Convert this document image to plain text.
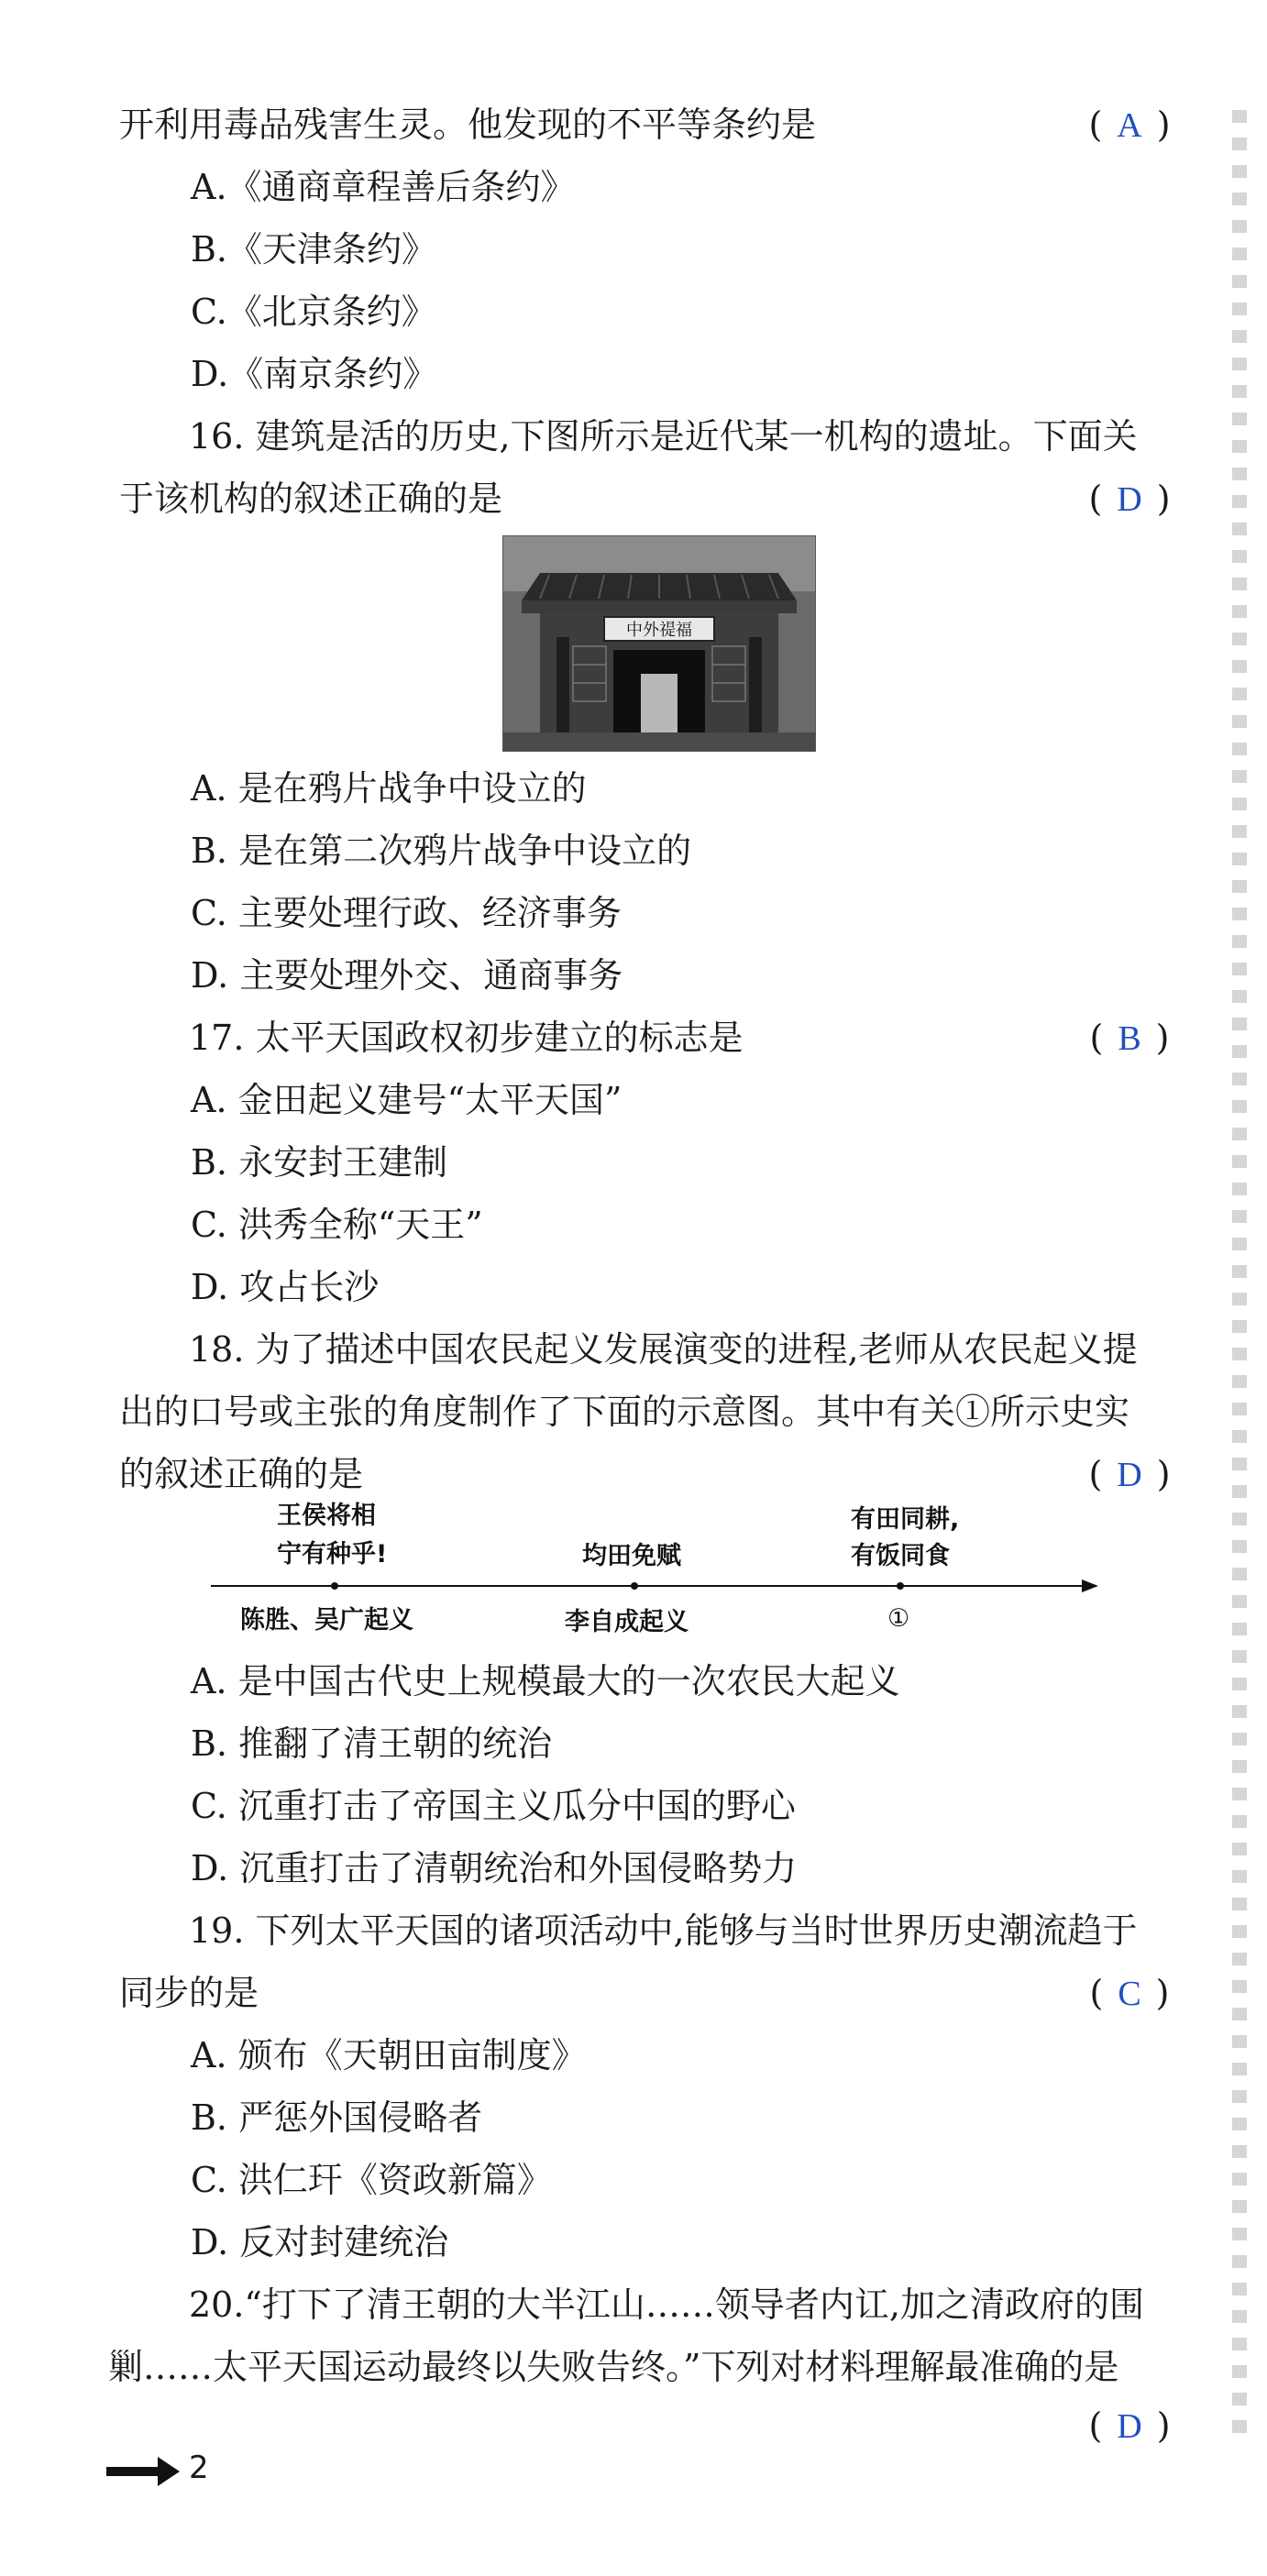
开利用毒品残害生灵。他发现的不平等条约是	( A )
A.《通商章程善后条约》
B.《天津条约》
C.《北京条约》
D.《南京条约》
16. 建筑是活的历史,下图所示是近代某一机构的遗址。下面关
于该机构的叙述正确的是	( D )
中外禔福
A. 是在鸦片战争中设立的
B. 是在第二次鸦片战争中设立的
C. 主要处理行政、经济事务
D. 主要处理外交、通商事务
17. 太平天国政权初步建立的标志是	( B )
A. 金田起义建号“太平天国”
B. 永安封王建制
C. 洪秀全称“天王”
D. 攻占长沙
18. 为了描述中国农民起义发展演变的进程,老师从农民起义提
出的口号或主张的角度制作了下面的示意图。其中有关①所示史实
的叙述正确的是	( D )
王侯将相
宁有种乎!	均田免赋
有田同耕,
有饭同食
陈胜、吴广起义	李自成起义	①
A. 是中国古代史上规模最大的一次农民大起义
B. 推翻了清王朝的统治
C. 沉重打击了帝国主义瓜分中国的野心
D. 沉重打击了清朝统治和外国侵略势力
19. 下列太平天国的诸项活动中,能够与当时世界历史潮流趋于
同步的是	( C )
A. 颁布《天朝田亩制度》
B. 严惩外国侵略者
C. 洪仁玕《资政新篇》
D. 反对封建统治
20.“打下了清王朝的大半江山……领导者内讧,加之清政府的围
剿……太平天国运动最终以失败告终。”下列对材料理解最准确的是
( D )
2
